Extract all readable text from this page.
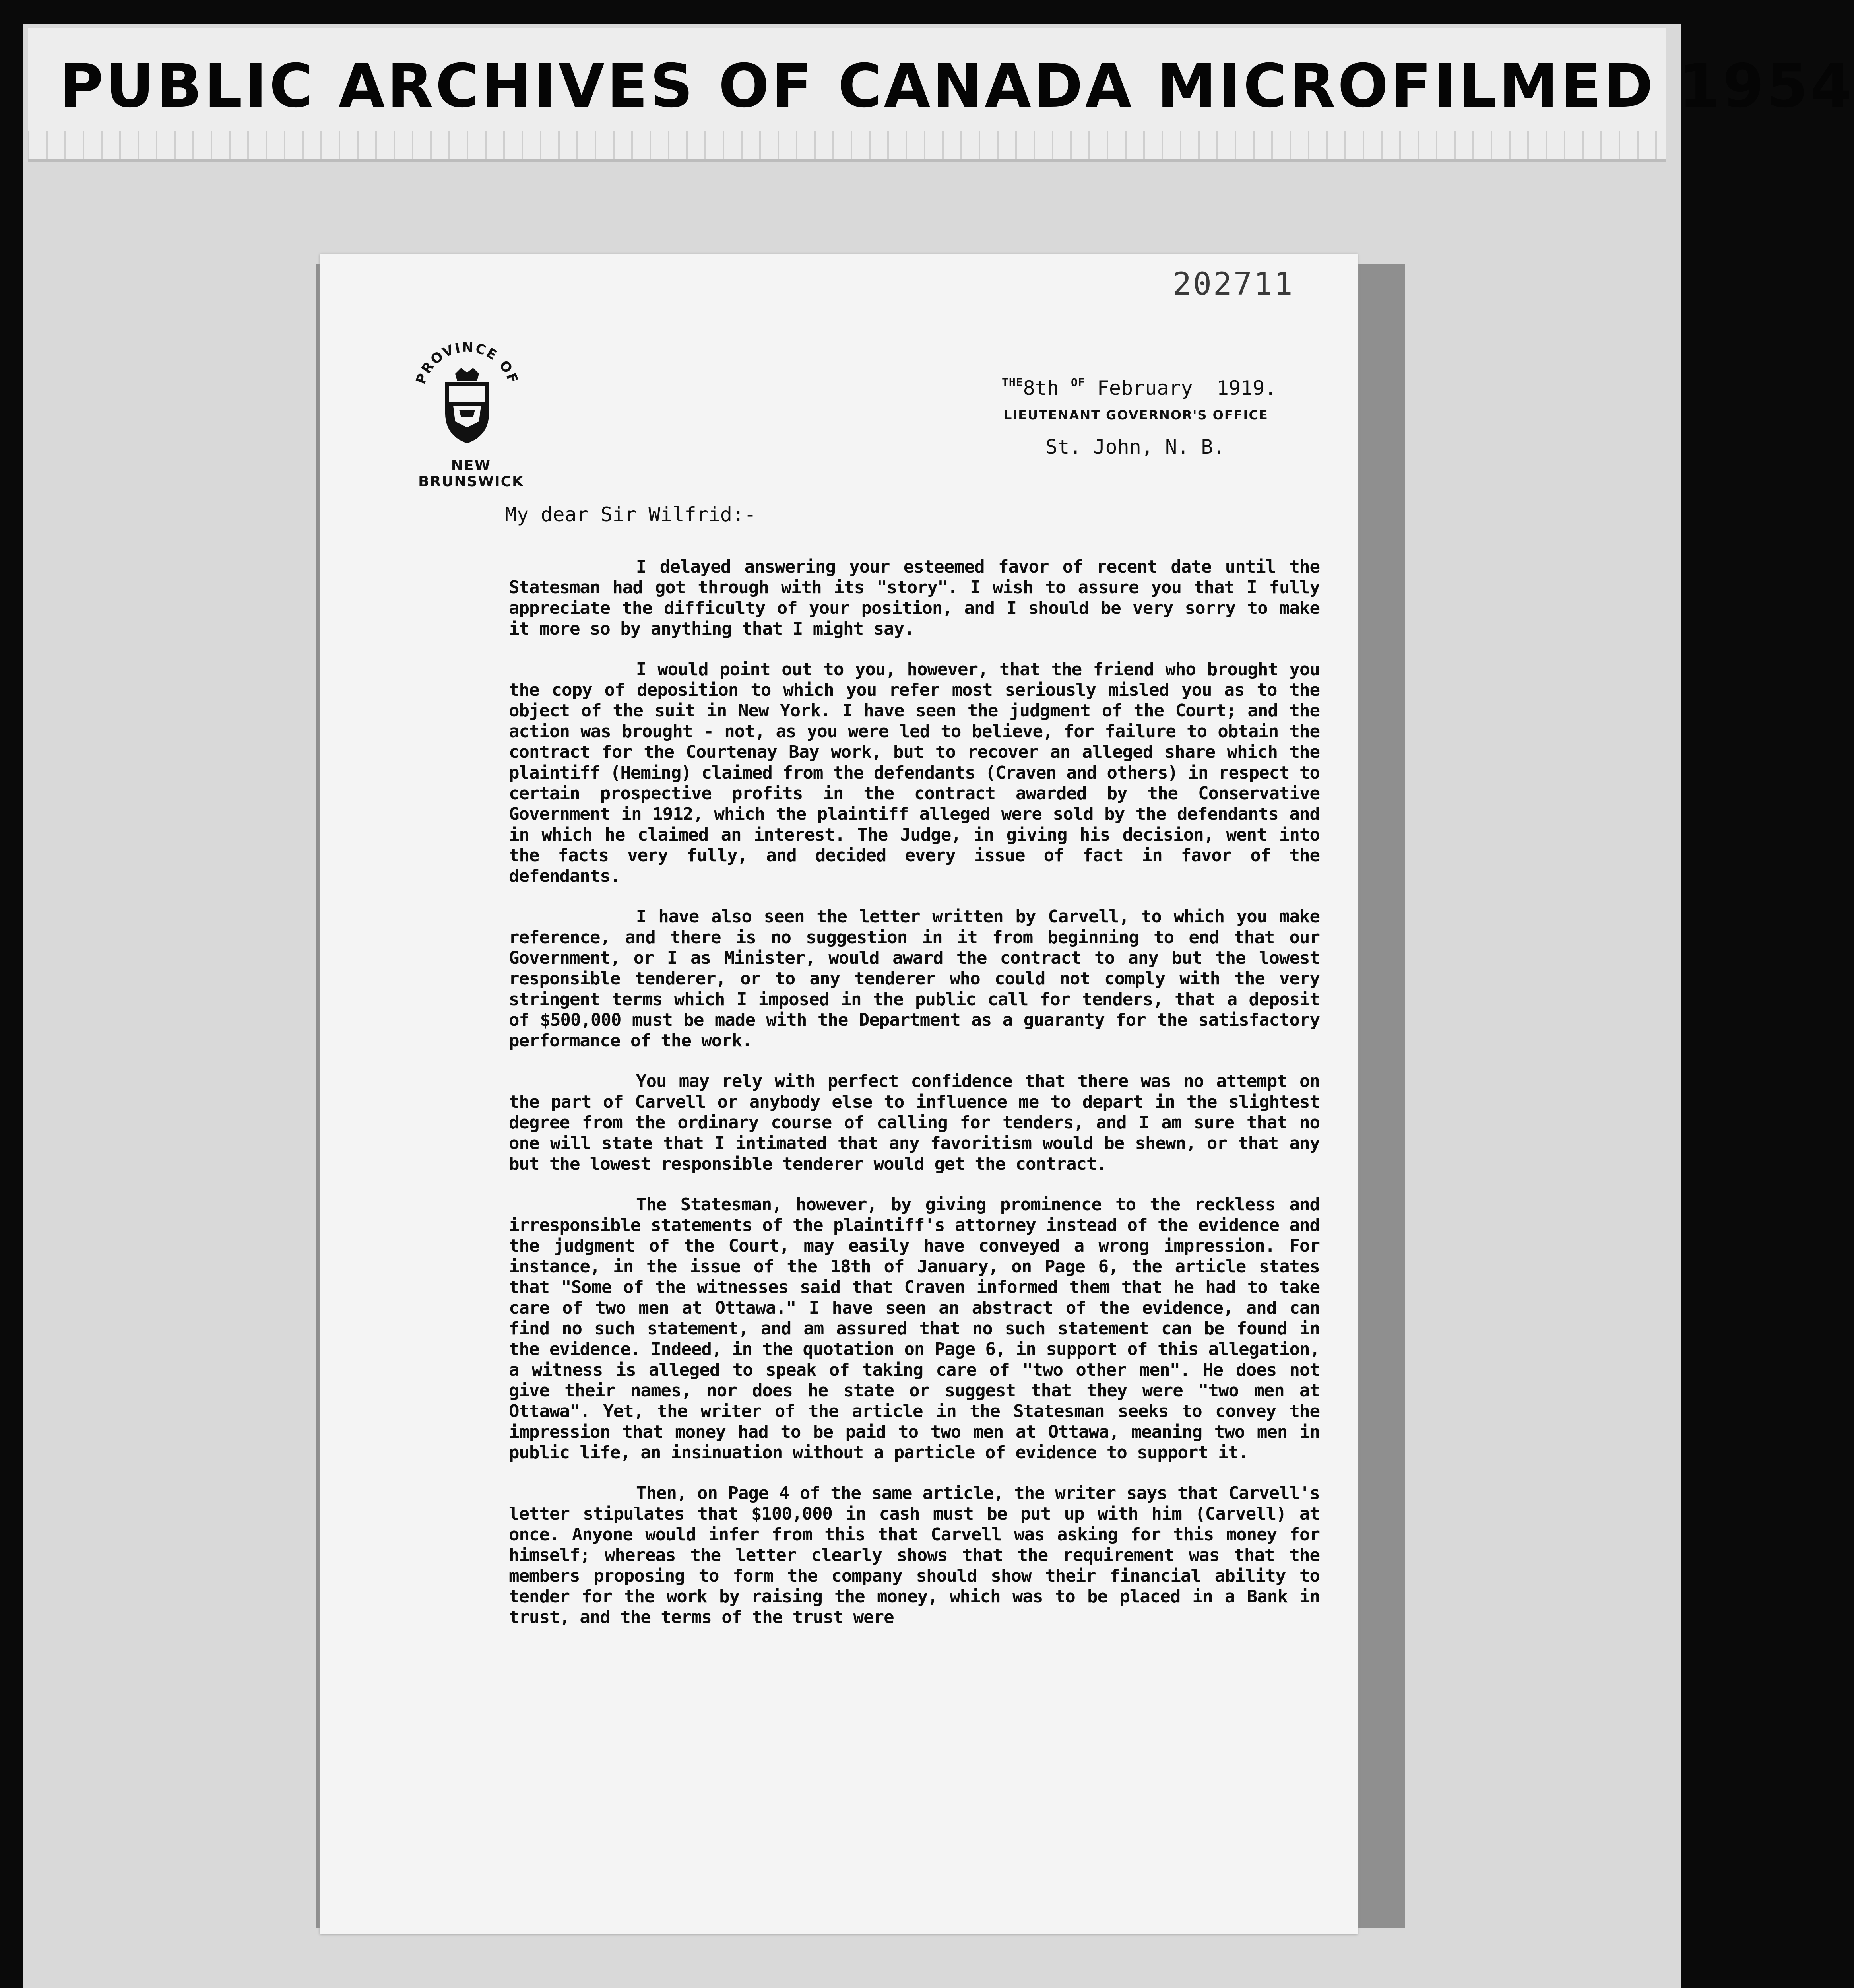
PUBLIC ARCHIVES OF CANADA MICROFILMED 1954
202711
PROVINCE OF
NEW BRUNSWICK
$^{THE}$8th $^{OF}$ February 1919.
LIEUTENANT GOVERNOR'S OFFICE
St. John, N. B.
My dear Sir Wilfrid:-

I delayed answering your esteemed favor of recent date until the Statesman had got through with its "story". I wish to assure you that I fully appreciate the difficulty of your position, and I should be very sorry to make it more so by anything that I might say.

I would point out to you, however, that the friend who brought you the copy of deposition to which you refer most seriously misled you as to the object of the suit in New York. I have seen the judgment of the Court; and the action was brought - not, as you were led to believe, for failure to obtain the contract for the Courtenay Bay work, but to recover an alleged share which the plaintiff (Heming) claimed from the defendants (Craven and others) in respect to certain prospective profits in the contract awarded by the Conservative Government in 1912, which the plaintiff alleged were sold by the defendants and in which he claimed an interest. The Judge, in giving his decision, went into the facts very fully, and decided every issue of fact in favor of the defendants.

I have also seen the letter written by Carvell, to which you make reference, and there is no suggestion in it from beginning to end that our Government, or I as Minister, would award the contract to any but the lowest responsible tenderer, or to any tenderer who could not comply with the very stringent terms which I imposed in the public call for tenders, that a deposit of $500,000 must be made with the Department as a guaranty for the satisfactory performance of the work.

You may rely with perfect confidence that there was no attempt on the part of Carvell or anybody else to influence me to depart in the slightest degree from the ordinary course of calling for tenders, and I am sure that no one will state that I intimated that any favoritism would be shewn, or that any but the lowest responsible tenderer would get the contract.

The Statesman, however, by giving prominence to the reckless and irresponsible statements of the plaintiff's attorney instead of the evidence and the judgment of the Court, may easily have conveyed a wrong impression. For instance, in the issue of the 18th of January, on Page 6, the article states that "Some of the witnesses said that Craven informed them that he had to take care of two men at Ottawa." I have seen an abstract of the evidence, and can find no such statement, and am assured that no such statement can be found in the evidence. Indeed, in the quotation on Page 6, in support of this allegation, a witness is alleged to speak of taking care of "two other men". He does not give their names, nor does he state or suggest that they were "two men at Ottawa". Yet, the writer of the article in the Statesman seeks to convey the impression that money had to be paid to two men at Ottawa, meaning two men in public life, an insinuation without a particle of evidence to support it.

Then, on Page 4 of the same article, the writer says that Carvell's letter stipulates that $100,000 in cash must be put up with him (Carvell) at once. Anyone would infer from this that Carvell was asking for this money for himself; whereas the letter clearly shows that the requirement was that the members proposing to form the company should show their financial ability to tender for the work by raising the money, which was to be placed in a Bank in trust, and the terms of the trust were
